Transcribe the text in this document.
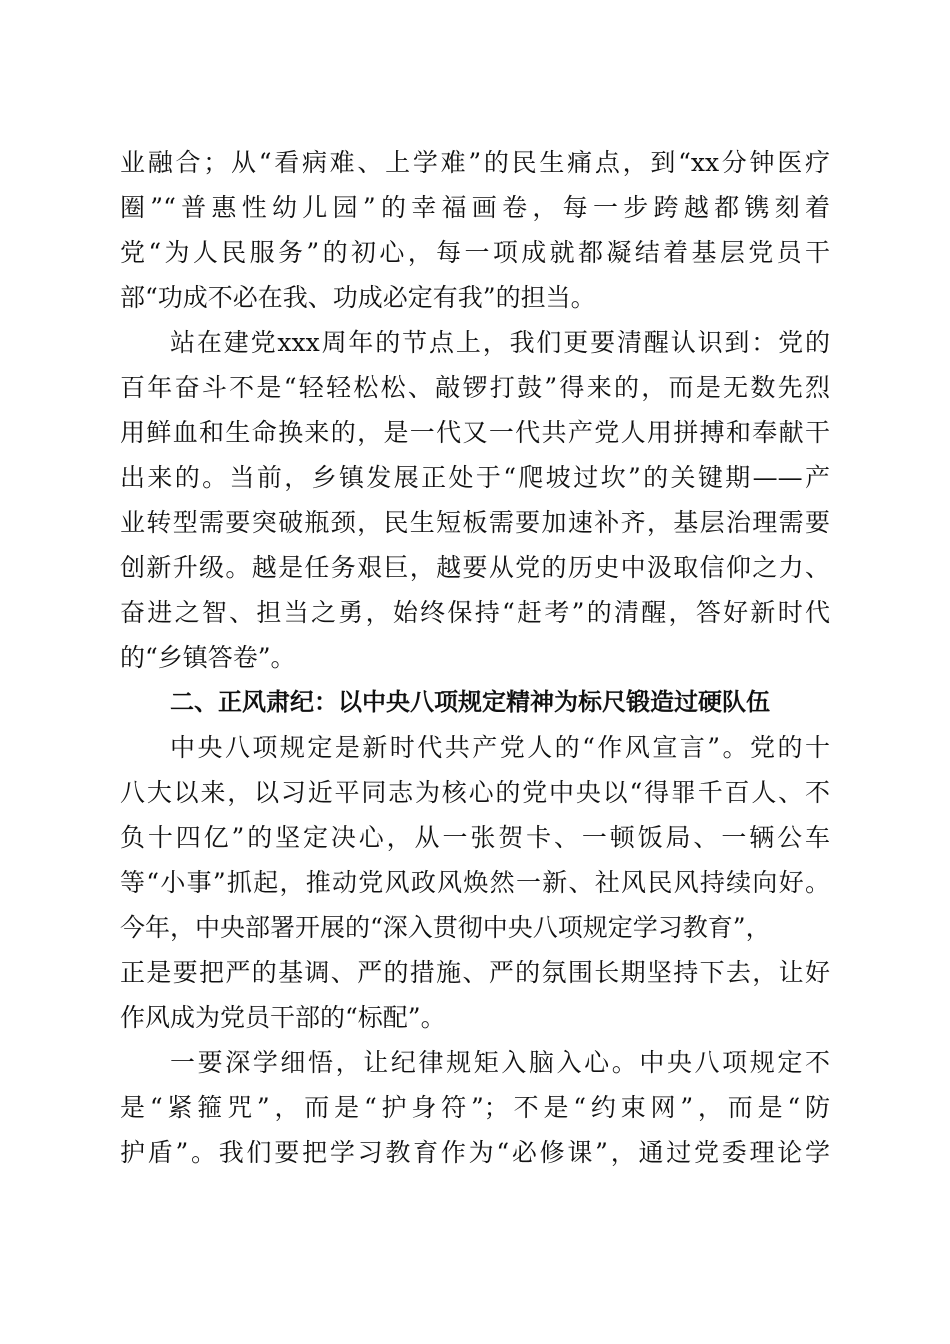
业融合；从“看病难、上学难”的民生痛点，到“xx分钟医疗
圈”“普惠性幼儿园”的幸福画卷，每一步跨越都镌刻着
党“为人民服务”的初心，每一项成就都凝结着基层党员干
部“功成不必在我、功成必定有我”的担当。
站在建党xxx周年的节点上，我们更要清醒认识到：党的
百年奋斗不是“轻轻松松、敲锣打鼓”得来的，而是无数先烈
用鲜血和生命换来的，是一代又一代共产党人用拼搏和奉献干
出来的。当前，乡镇发展正处于“爬坡过坎”的关键期——产
业转型需要突破瓶颈，民生短板需要加速补齐，基层治理需要
创新升级。越是任务艰巨，越要从党的历史中汲取信仰之力、
奋进之智、担当之勇，始终保持“赶考”的清醒，答好新时代
的“乡镇答卷”。
二、正风肃纪：以中央八项规定精神为标尺锻造过硬队伍
中央八项规定是新时代共产党人的“作风宣言”。党的十
八大以来，以习近平同志为核心的党中央以“得罪千百人、不
负十四亿”的坚定决心，从一张贺卡、一顿饭局、一辆公车
等“小事”抓起，推动党风政风焕然一新、社风民风持续向好。
今年，中央部署开展的“深入贯彻中央八项规定学习教育”，
正是要把严的基调、严的措施、严的氛围长期坚持下去，让好
作风成为党员干部的“标配”。
一要深学细悟，让纪律规矩入脑入心。中央八项规定不
是“紧箍咒”，而是“护身符”；不是“约束网”，而是“防
护盾”。我们要把学习教育作为“必修课”，通过党委理论学
